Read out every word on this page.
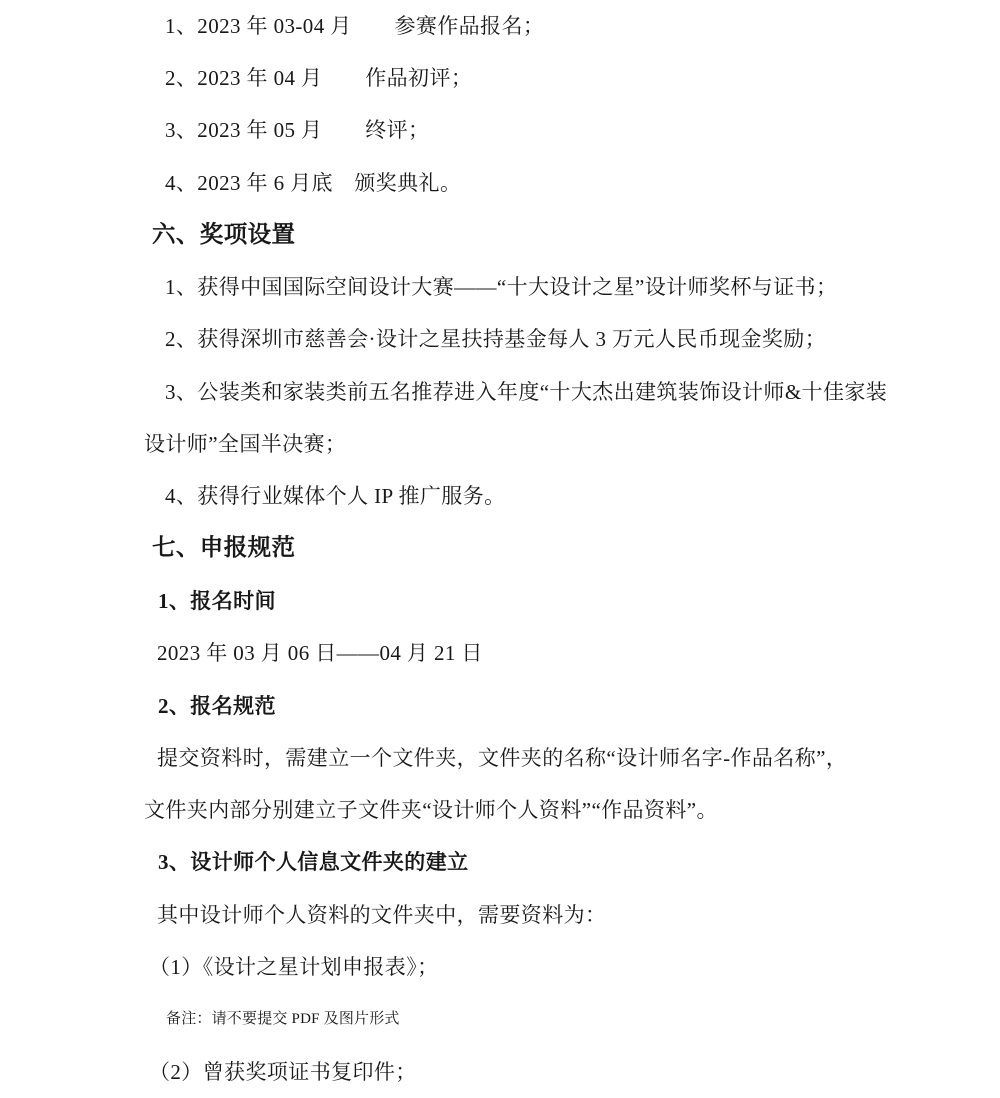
1、2023 年 03-04 月　　参赛作品报名；
2、2023 年 04 月　　作品初评；
3、2023 年 05 月　　终评；
4、2023 年 6 月底　颁奖典礼。
六、奖项设置
1、获得中国国际空间设计大赛——“十大设计之星”设计师奖杯与证书；
2、获得深圳市慈善会·设计之星扶持基金每人 3 万元人民币现金奖励；
3、公装类和家装类前五名推荐进入年度“十大杰出建筑装饰设计师&十佳家装
设计师”全国半决赛；
4、获得行业媒体个人 IP 推广服务。
七、申报规范
1、报名时间
2023 年 03 月 06 日——04 月 21 日
2、报名规范
提交资料时，需建立一个文件夹，文件夹的名称“设计师名字-作品名称”，
文件夹内部分别建立子文件夹“设计师个人资料”“作品资料”。
3、设计师个人信息文件夹的建立
其中设计师个人资料的文件夹中，需要资料为：
（1）《设计之星计划申报表》；
备注：请不要提交 PDF 及图片形式
（2）曾获奖项证书复印件；
